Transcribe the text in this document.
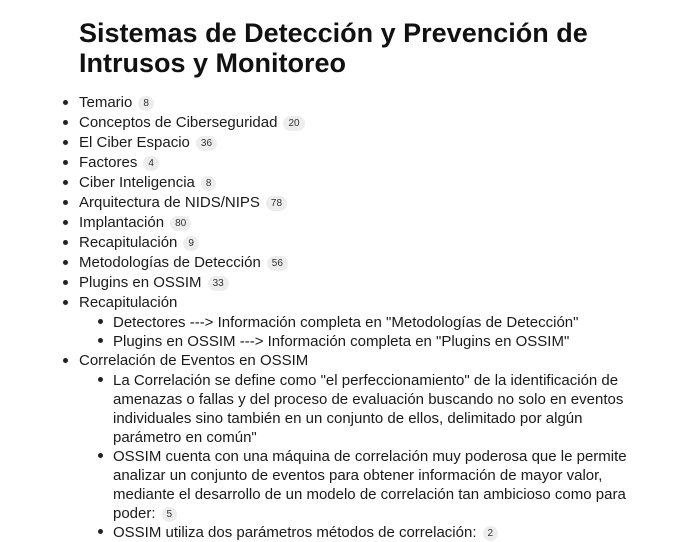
Sistemas de Detección y Prevención de Intrusos y Monitoreo
Temario 8
Conceptos de Ciberseguridad 20
El Ciber Espacio 36
Factores 4
Ciber Inteligencia 8
Arquitectura de NIDS/NIPS 78
Implantación 80
Recapitulación 9
Metodologías de Detección 56
Plugins en OSSIM 33
Recapitulación
Detectores ---> Información completa en "Metodologías de Detección"
Plugins en OSSIM ---> Información completa en "Plugins en OSSIM"
Correlación de Eventos en OSSIM
La Correlación se define como "el perfeccionamiento" de la identificación de amenazas o fallas y del proceso de evaluación buscando no solo en eventos individuales sino también en un conjunto de ellos, delimitado por algún parámetro en común"
OSSIM cuenta con una máquina de correlación muy poderosa que le permite analizar un conjunto de eventos para obtener información de mayor valor, mediante el desarrollo de un modelo de correlación tan ambicioso como para poder: 5
OSSIM utiliza dos parámetros métodos de correlación: 2
